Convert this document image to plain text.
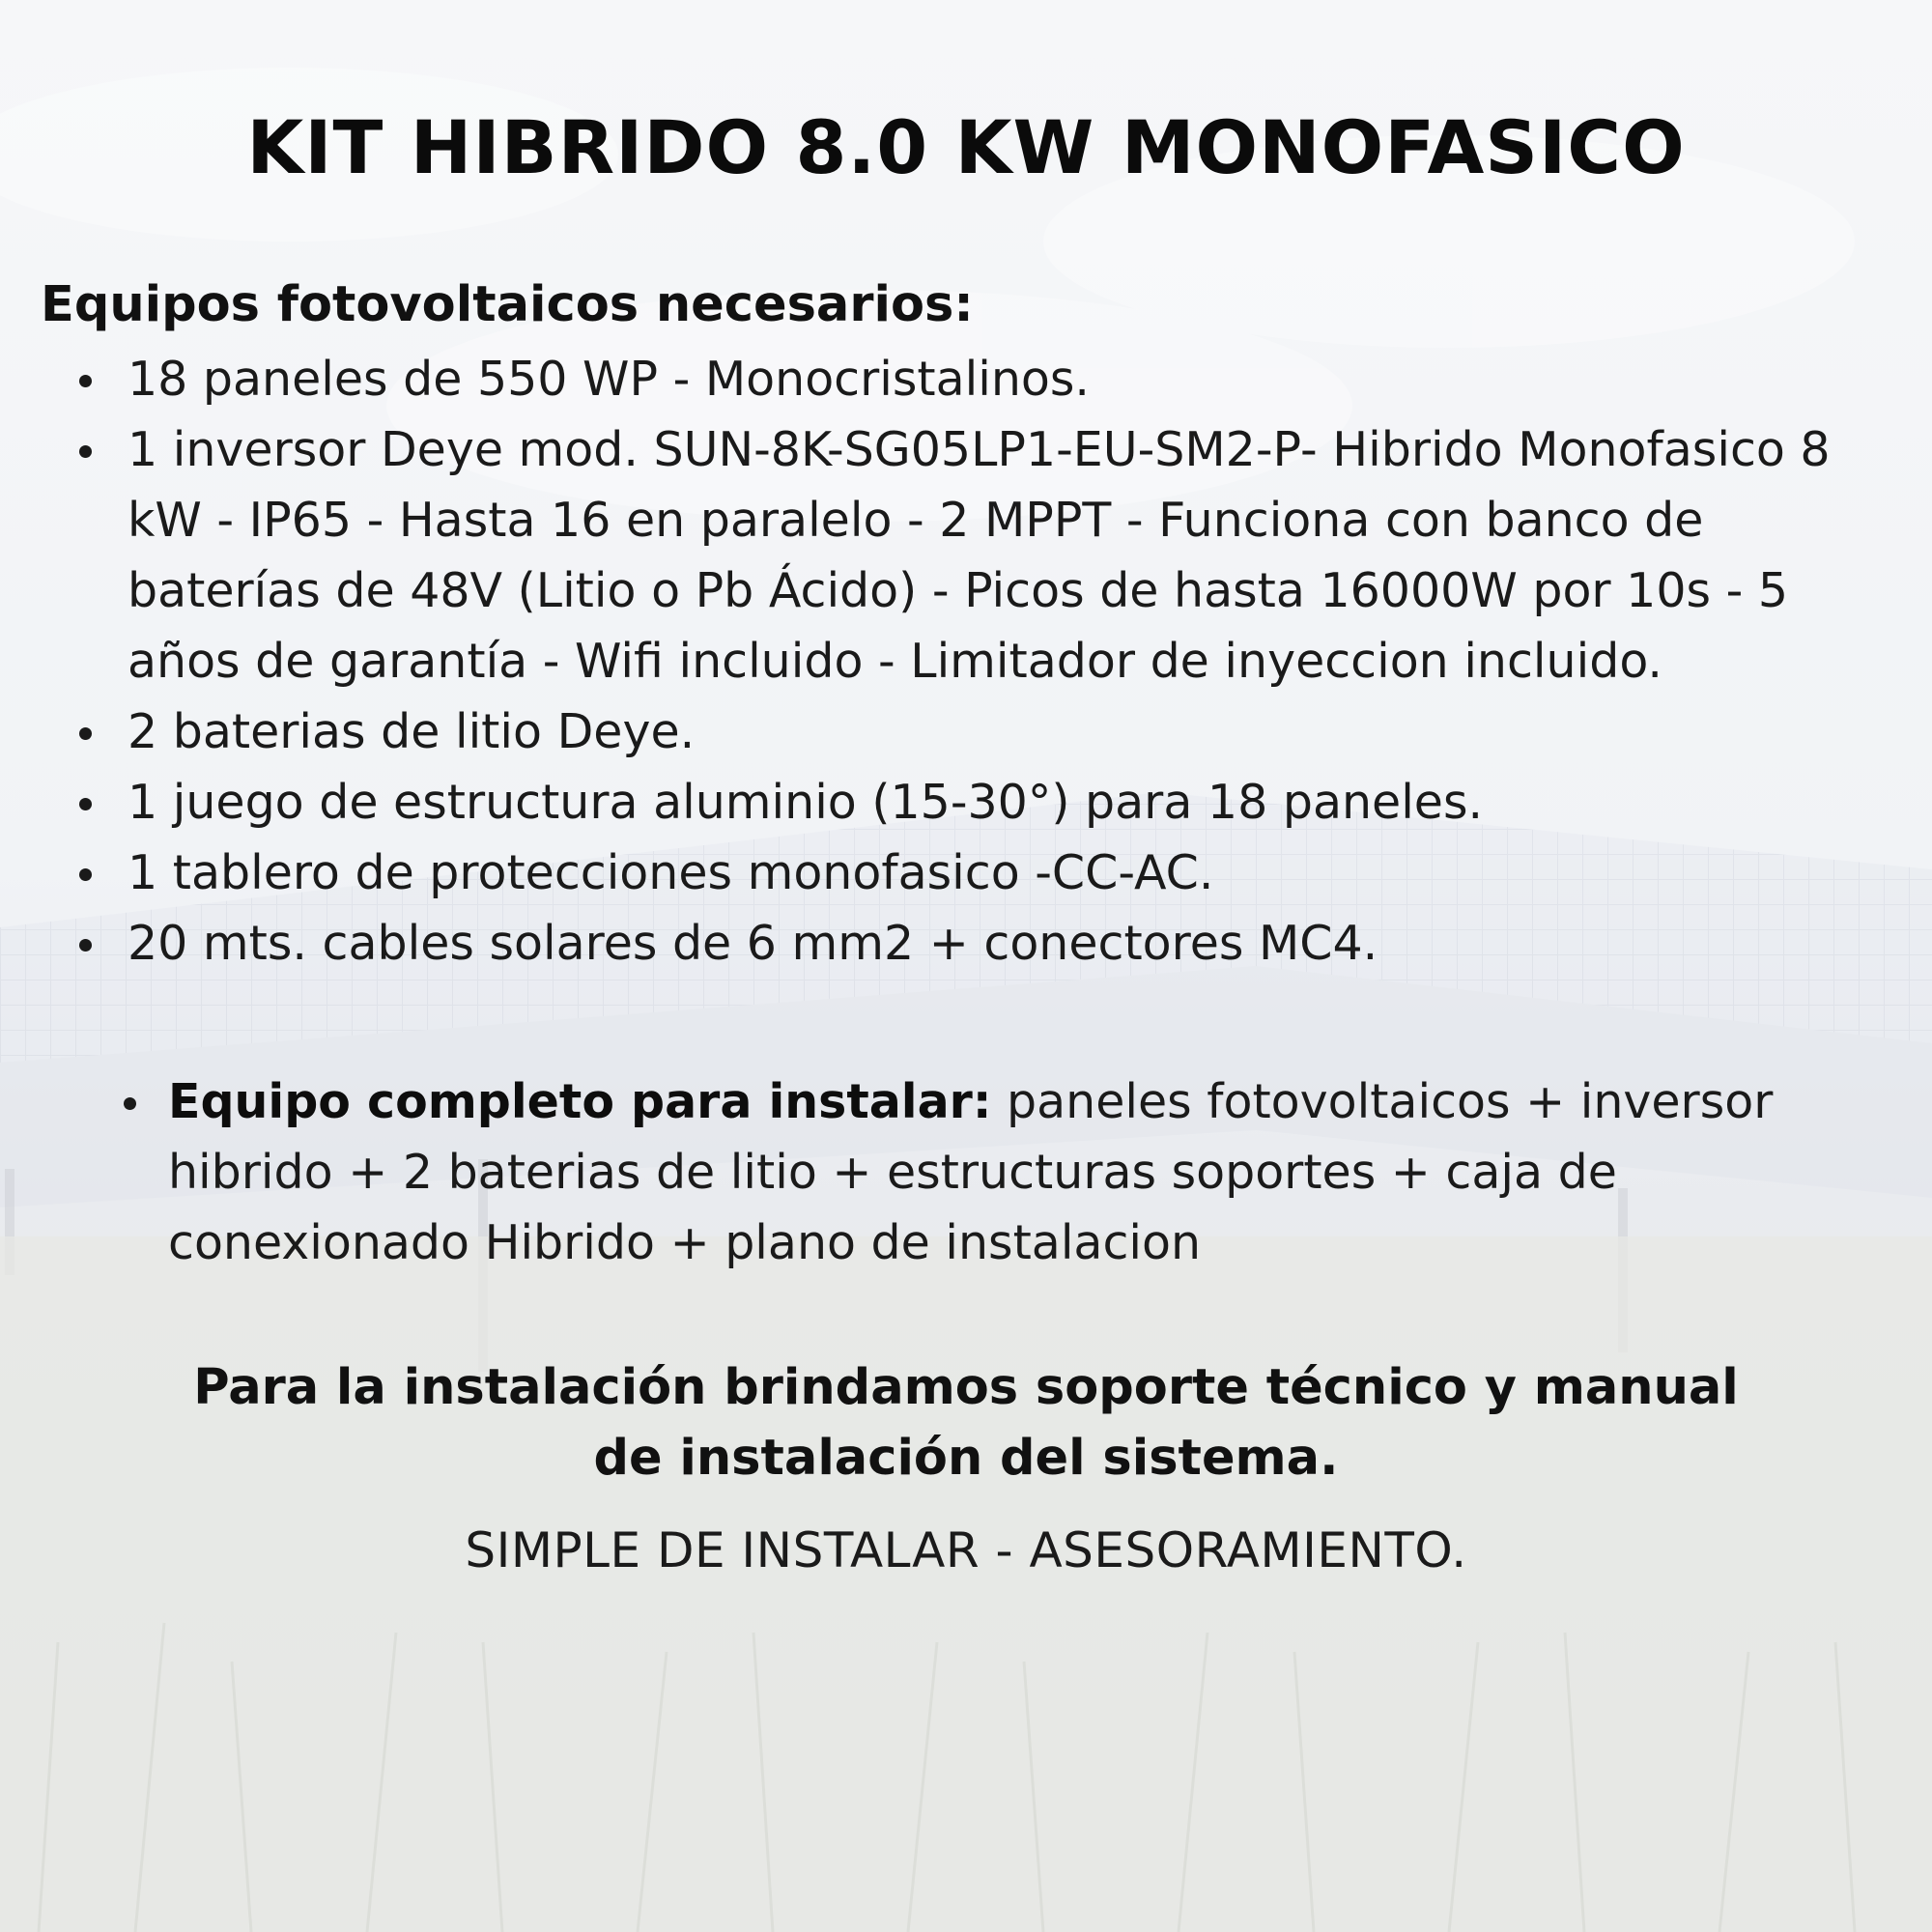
KIT HIBRIDO 8.0 KW MONOFASICO
Equipos fotovoltaicos necesarios:
18 paneles de 550 WP - Monocristalinos.
1 inversor Deye mod. SUN-8K-SG05LP1-EU-SM2-P- Hibrido Monofasico 8 kW - IP65 - Hasta 16 en paralelo - 2 MPPT - Funciona con banco de baterías de 48V (Litio o Pb Ácido) - Picos de hasta 16000W por 10s - 5 años de garantía - Wifi incluido - Limitador de inyeccion incluido.
2 baterias de litio Deye.
1 juego de estructura aluminio (15-30°) para 18 paneles.
1 tablero de protecciones monofasico -CC-AC.
20 mts. cables solares de 6 mm2 + conectores MC4.
Equipo completo para instalar: paneles fotovoltaicos + inversor hibrido + 2 baterias de litio + estructuras soportes + caja de conexionado Hibrido + plano de instalacion
Para la instalación brindamos soporte técnico y manual de instalación del sistema.
SIMPLE DE INSTALAR - ASESORAMIENTO.
